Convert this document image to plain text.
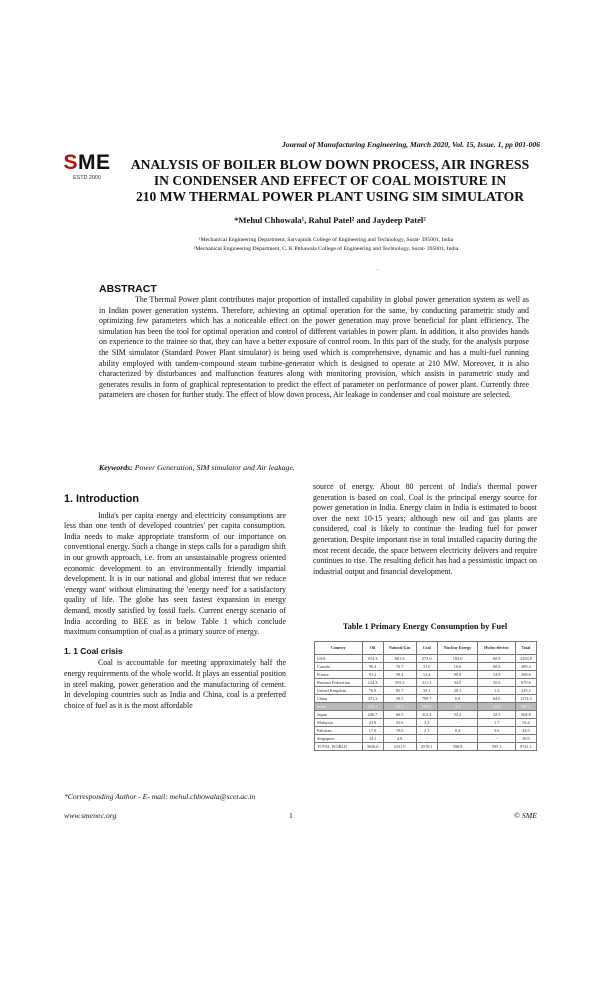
Journal of Manufacturing Engineering, March 2020, Vol. 15, Issue. 1, pp 001-006
SME
ESTD 2000
ANALYSIS OF BOILER BLOW DOWN PROCESS, AIR INGRESS
IN CONDENSER AND EFFECT OF COAL MOISTURE IN
210 MW THERMAL POWER PLANT USING SIM SIMULATOR
*Mehul Chhowala¹, Rahul Patel² and Jaydeep Patel²
¹Mechanical Engineering Department, Sarvajanik College of Engineering and Technology, Surat- 395001, India
²Mechanical Engineering Department, C. K Pithawala College of Engineering and Technology, Surat- 395001, India
.
ABSTRACT
The Thermal Power plant contributes major proportion of installed capability in global power generation system as well as in Indian power generation systems. Therefore, achieving an optimal operation for the same, by conducting parametric study and optimizing few parameters which has a noticeable effect on the power generation may prove beneficial for plant efficiency. The simulation has been the tool for optimal operation and control of different variables in power plant. In addition, it also provides hands on experience to the trainee so that, they can have a better exposure of control room. In this part of the study, for the analysis purpose the SIM simulator (Standard Power Plant simulator) is being used which is comprehensive, dynamic and has a multi-fuel running ability employed with tandem-compound steam turbine-generator which is designed to operate at 210 MW. Moreover, it is also characterized by disturbances and malfunction features along with monitoring provision, which assists in parametric study and generates results in form of graphical representation to predict the effect of parameter on performance of power plant. Currently three parameters are chosen for further study. The effect of blow down process, Air leakage in condenser and coal moisture are selected.
Keywords: Power Generation, SIM simulator and Air leakage.
1. Introduction

India's per capita energy and electricity consumptions are less than one tenth of developed countries' per capita consumption. India needs to make appropriate transform of our importance on conventional energy. Such a change in steps calls for a paradigm shift in our growth approach, i.e. from an unsustainable progress oriented economic development to an environmentally friendly impartial development. It is in our national and global interest that we reduce 'energy want' without eliminating the 'energy need' for a satisfactory quality of life. The globe has seen fastest expansion in energy demand, mostly satisfied by fossil fuels. Current energy scenario of India according to BEE as in below Table 1 which conclude maximum consumption of coal as a primary source of energy.

1. 1 Coal crisis

Coal is accountable for meeting approximately half the energy requirements of the whole world. It plays an essential position in steel making, power generation and the manufacturing of cement. In developing countries such as India and China, coal is a preferred choice of fuel as it is the most affordable

source of energy. About 80 percent of India's thermal power generation is based on coal. Coal is the principal energy source for power generation in India. Energy claim in India is estimated to boost over the next 10-15 years; although new oil and gas plants are considered, coal is likely to continue the leading fuel for power generation. Despite important rise in total installed capacity during the most recent decade, the space between electricity delivers and require continues to rise. The resulting deficit has had a pessimistic impact on industrial output and financial development.

Table 1 Primary Energy Consumption by Fuel
Country	Oil	Natural Gas	Coal	Nuclear Energy	Hydro electric	Total
USA	914.3	601.6	573.9	183.0	60.9	2293.8
Canada	96.4	76.7	31.0	16.6	68.6	289.4
France	91.2	39.4	12.4	99.8	14.8	268.6
Russian Federation	124.3	355.2	111.2	34.0	35.6	670.6
United Kingdom	76.8	85.7	35.1	20.1	1.2	229.2
China	371.3	39.5	799.7	6.8	64.0	1174.3
India	133.1	33.1	189.1	4.1	15.6	387.5
Japan	246.7	66.5	112.2	52.2	22.5	504.8
Malaysia	23.9	25.6	3.2	-	1.7	54.4
Pakistan	17.0	19.0	2.1	0.4	3.6	44.9
Singapore	34.1	4.8	-	-	-	38.9
TOTAL WORLD	3636.6	2331.9	2578.1	598.8	595.1	9741.1
*Corresponding Author - E- mail: mehul.chhowala@scet.ac.in
www.smenec.org	1	© SME
